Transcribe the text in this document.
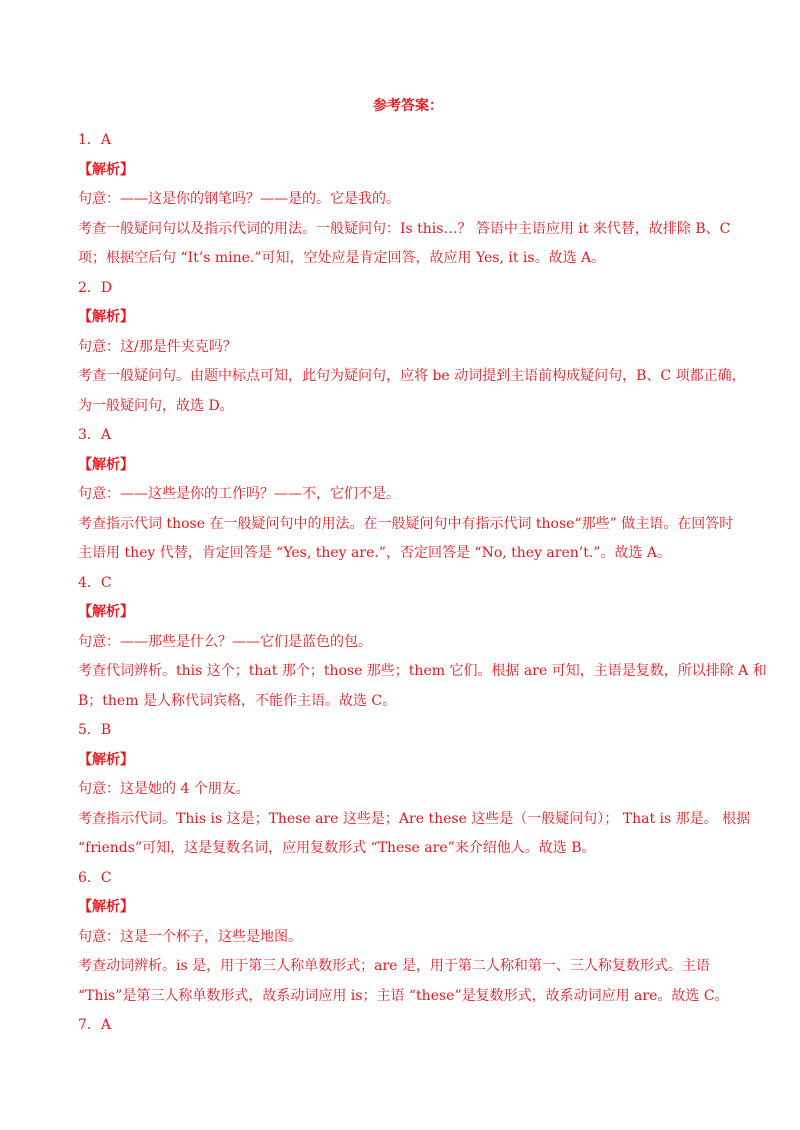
参考答案：
1．A
【解析】
句意：——这是你的钢笔吗？——是的。它是我的。
考查一般疑问句以及指示代词的用法。一般疑问句：Is this…？ 答语中主语应用 it 来代替，故排除 B、C
项；根据空后句 “It’s mine.”可知，空处应是肯定回答，故应用 Yes, it is。故选 A。
2．D
【解析】
句意：这/那是件夹克吗？
考查一般疑问句。由题中标点可知，此句为疑问句，应将 be 动词提到主语前构成疑问句，B、C 项都正确，
为一般疑问句，故选 D。
3．A
【解析】
句意：——这些是你的工作吗？——不，它们不是。
考查指示代词 those 在一般疑问句中的用法。在一般疑问句中有指示代词 those“那些” 做主语。在回答时
主语用 they 代替，肯定回答是 “Yes, they are.”，否定回答是 “No, they aren’t.”。故选 A。
4．C
【解析】
句意：——那些是什么？——它们是蓝色的包。
考查代词辨析。this 这个；that 那个；those 那些；them 它们。根据 are 可知，主语是复数，所以排除 A 和
B；them 是人称代词宾格，不能作主语。故选 C。
5．B
【解析】
句意：这是她的 4 个朋友。
考查指示代词。This is 这是；These are 这些是；Are these 这些是（一般疑问句）； That is 那是。 根据
“friends”可知，这是复数名词，应用复数形式 “These are”来介绍他人。故选 B。
6．C
【解析】
句意：这是一个杯子，这些是地图。
考查动词辨析。is 是，用于第三人称单数形式；are 是，用于第二人称和第一、三人称复数形式。主语
“This”是第三人称单数形式，故系动词应用 is；主语 “these”是复数形式，故系动词应用 are。故选 C。
7．A
